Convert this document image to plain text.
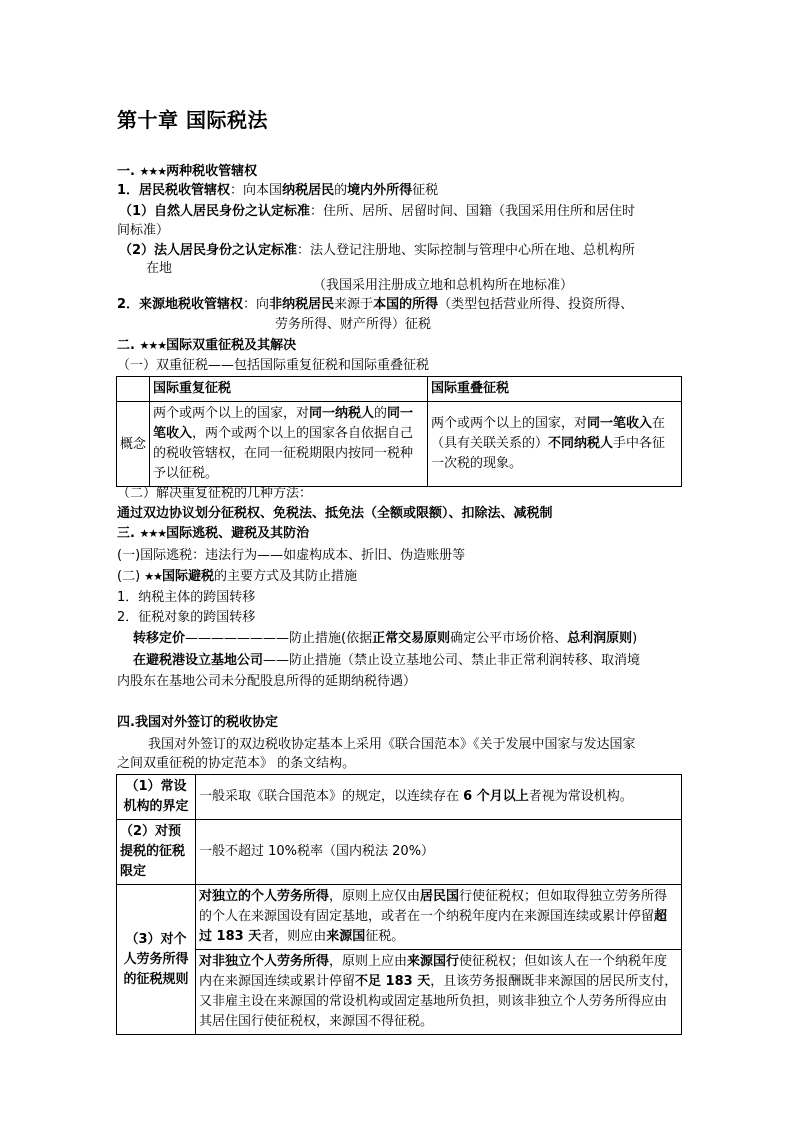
第十章 国际税法
一. ★★★两种税收管辖权
1．居民税收管辖权：向本国纳税居民的境内外所得征税
（1）自然人居民身份之认定标准：住所、居所、居留时间、国籍（我国采用住所和居住时
间标准）
（2）法人居民身份之认定标准：法人登记注册地、实际控制与管理中心所在地、总机构所
在地
（我国采用注册成立地和总机构所在地标准）
2．来源地税收管辖权：向非纳税居民来源于本国的所得（类型包括营业所得、投资所得、
劳务所得、财产所得）征税
二. ★★★国际双重征税及其解决
（一）双重征税——包括国际重复征税和国际重叠征税
	国际重复征税	国际重叠征税
概念	两个或两个以上的国家，对同一纳税人的同一笔收入，两个或两个以上的国家各自依据自己的税收管辖权，在同一征税期限内按同一税种予以征税。	两个或两个以上的国家，对同一笔收入在（具有关联关系的）不同纳税人手中各征一次税的现象。
（二）解决重复征税的几种方法：
通过双边协议划分征税权、免税法、抵免法（全额或限额）、扣除法、减税制
三. ★★★国际逃税、避税及其防治
(一)国际逃税：违法行为——如虚构成本、折旧、伪造账册等
(二) ★★国际避税的主要方式及其防止措施
1．纳税主体的跨国转移
2．征税对象的跨国转移
转移定价————————防止措施(依据正常交易原则确定公平市场价格、总利润原则)
在避税港设立基地公司——防止措施（禁止设立基地公司、禁止非正常利润转移、取消境
内股东在基地公司未分配股息所得的延期纳税待遇）
四.我国对外签订的税收协定
我国对外签订的双边税收协定基本上采用《联合国范本》《关于发展中国家与发达国家
之间双重征税的协定范本》 的条文结构。
（1）常设机构的界定	一般采取《联合国范本》的规定，以连续存在 6 个月以上者视为常设机构。
（2）对预提税的征税限定	一般不超过 10%税率（国内税法 20%）
（3）对个人劳务所得的征税规则	对独立的个人劳务所得，原则上应仅由居民国行使征税权；但如取得独立劳务所得的个人在来源国设有固定基地，或者在一个纳税年度内在来源国连续或累计停留超过 183 天者，则应由来源国征税。
	对非独立个人劳务所得，原则上应由来源国行使征税权；但如该人在一个纳税年度内在来源国连续或累计停留不足 183 天，且该劳务报酬既非来源国的居民所支付，又非雇主设在来源国的常设机构或固定基地所负担，则该非独立个人劳务所得应由其居住国行使征税权，来源国不得征税。
